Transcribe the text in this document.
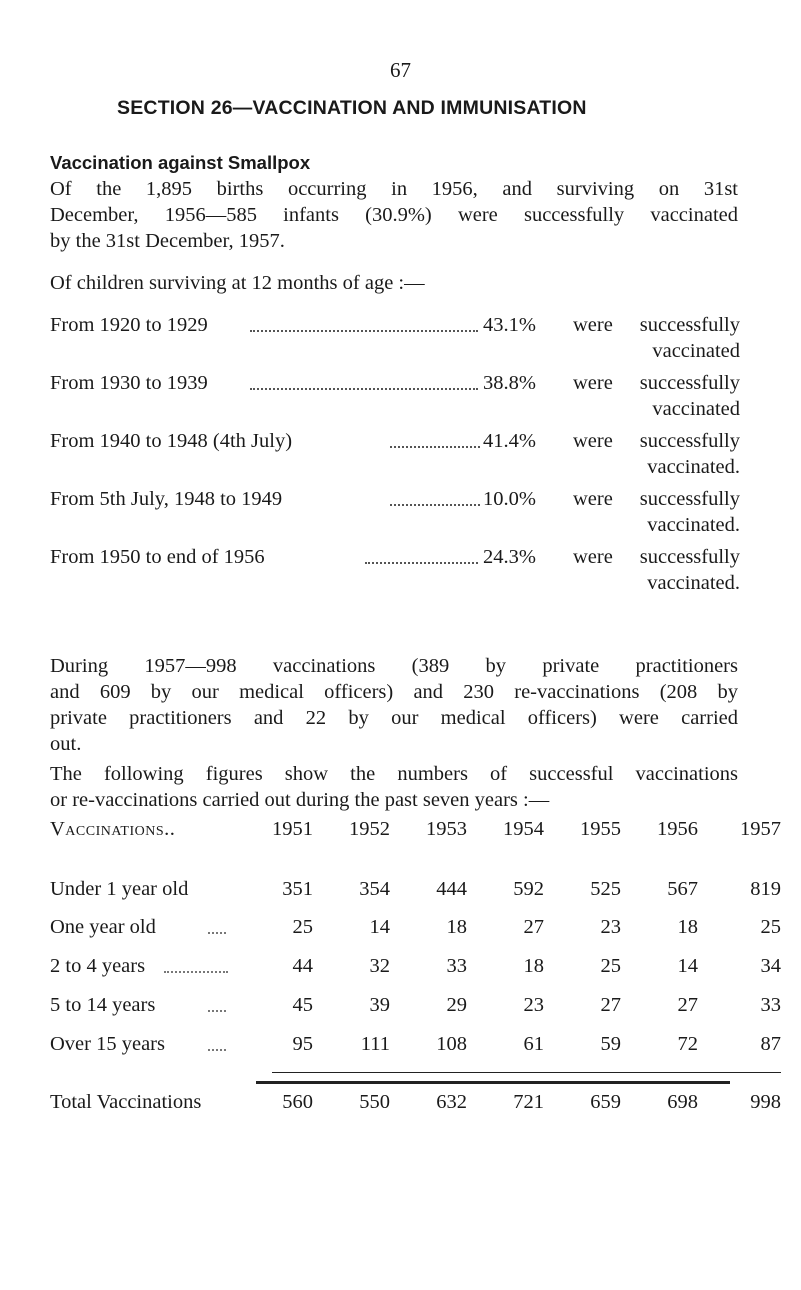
67
SECTION 26—VACCINATION AND IMMUNISATION
Vaccination against Smallpox
Of the 1,895 births occurring in 1956, and surviving on 31st
December, 1956—585 infants (30.9%) were successfully vaccinated
by the 31st December, 1957.
Of children surviving at 12 months of age :—
From 1920 to 1929	43.1% were successfully
vaccinated
From 1930 to 1939	38.8% were successfully
vaccinated
From 1940 to 1948 (4th July)	41.4% were successfully
vaccinated.
From 5th July, 1948 to 1949	10.0% were successfully
vaccinated.
From 1950 to end of 1956	24.3% were successfully
vaccinated.
During 1957—998 vaccinations (389 by private practitioners
and 609 by our medical officers) and 230 re-vaccinations (208 by
private practitioners and 22 by our medical officers) were carried
out.
The following figures show the numbers of successful vaccinations
or re-vaccinations carried out during the past seven years :—
Vaccinations..	1951	1952	1953	1954	1955	1956	1957
Under 1 year old	351	354	444	592	525	567	819
One year old	25	14	18	27	23	18	25
2 to 4 years	44	32	33	18	25	14	34
5 to 14 years	45	39	29	23	27	27	33
Over 15 years	95	111	108	61	59	72	87
Total Vaccinations	560	550	632	721	659	698	998
